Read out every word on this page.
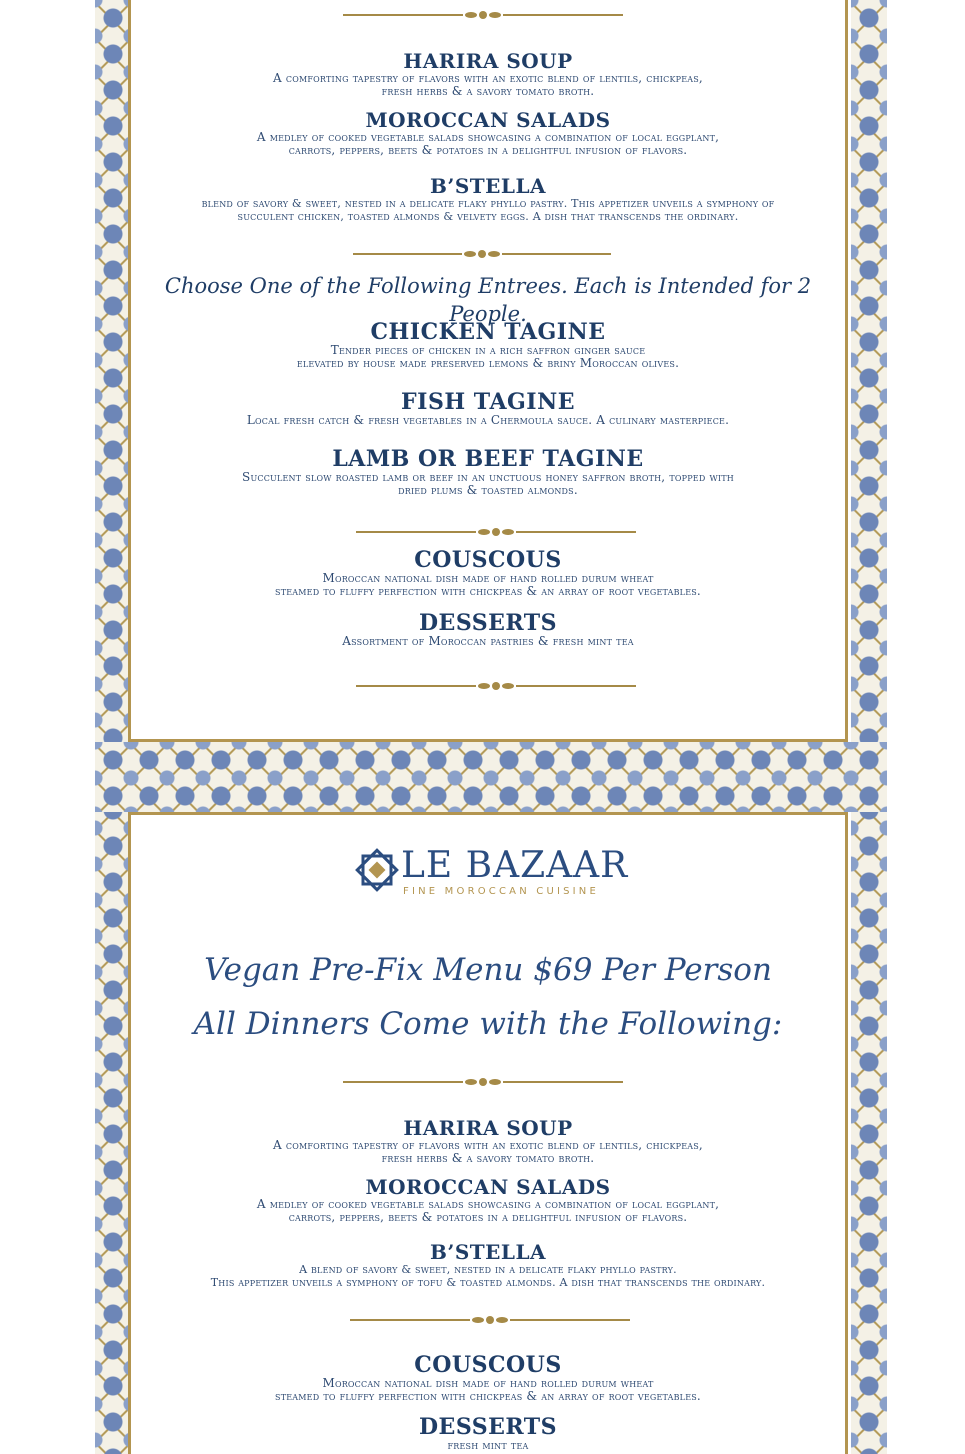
HARIRA SOUP
A comforting tapestry of flavors with an exotic blend of lentils, chickpeas,
fresh herbs & a savory tomato broth.
MOROCCAN SALADS
A medley of cooked vegetable salads showcasing a combination of local eggplant,
carrots, peppers, beets & potatoes in a delightful infusion of flavors.
B’STELLA
blend of savory & sweet, nested in a delicate flaky phyllo pastry. This appetizer unveils a symphony of
succulent chicken, toasted almonds & velvety eggs. A dish that transcends the ordinary.
Choose One of the Following Entrees. Each is Intended for 2 People.
CHICKEN TAGINE
Tender pieces of chicken in a rich saffron ginger sauce
elevated by house made preserved lemons & briny Moroccan olives.
FISH TAGINE
Local fresh catch & fresh vegetables in a Chermoula sauce. A culinary masterpiece.
LAMB OR BEEF TAGINE
Succulent slow roasted lamb or beef in an unctuous honey saffron broth, topped with
dried plums & toasted almonds.
COUSCOUS
Moroccan national dish made of hand rolled durum wheat
steamed to fluffy perfection with chickpeas & an array of root vegetables.
DESSERTS
Assortment of Moroccan pastries & fresh mint tea
LE BAZAAR
FINE MOROCCAN CUISINE
Vegan Pre-Fix Menu $69 Per Person
All Dinners Come with the Following:
HARIRA SOUP
A comforting tapestry of flavors with an exotic blend of lentils, chickpeas,
fresh herbs & a savory tomato broth.
MOROCCAN SALADS
A medley of cooked vegetable salads showcasing a combination of local eggplant,
carrots, peppers, beets & potatoes in a delightful infusion of flavors.
B’STELLA
A blend of savory & sweet, nested in a delicate flaky phyllo pastry.
This appetizer unveils a symphony of tofu & toasted almonds. A dish that transcends the ordinary.
COUSCOUS
Moroccan national dish made of hand rolled durum wheat
steamed to fluffy perfection with chickpeas & an array of root vegetables.
DESSERTS
fresh mint tea
